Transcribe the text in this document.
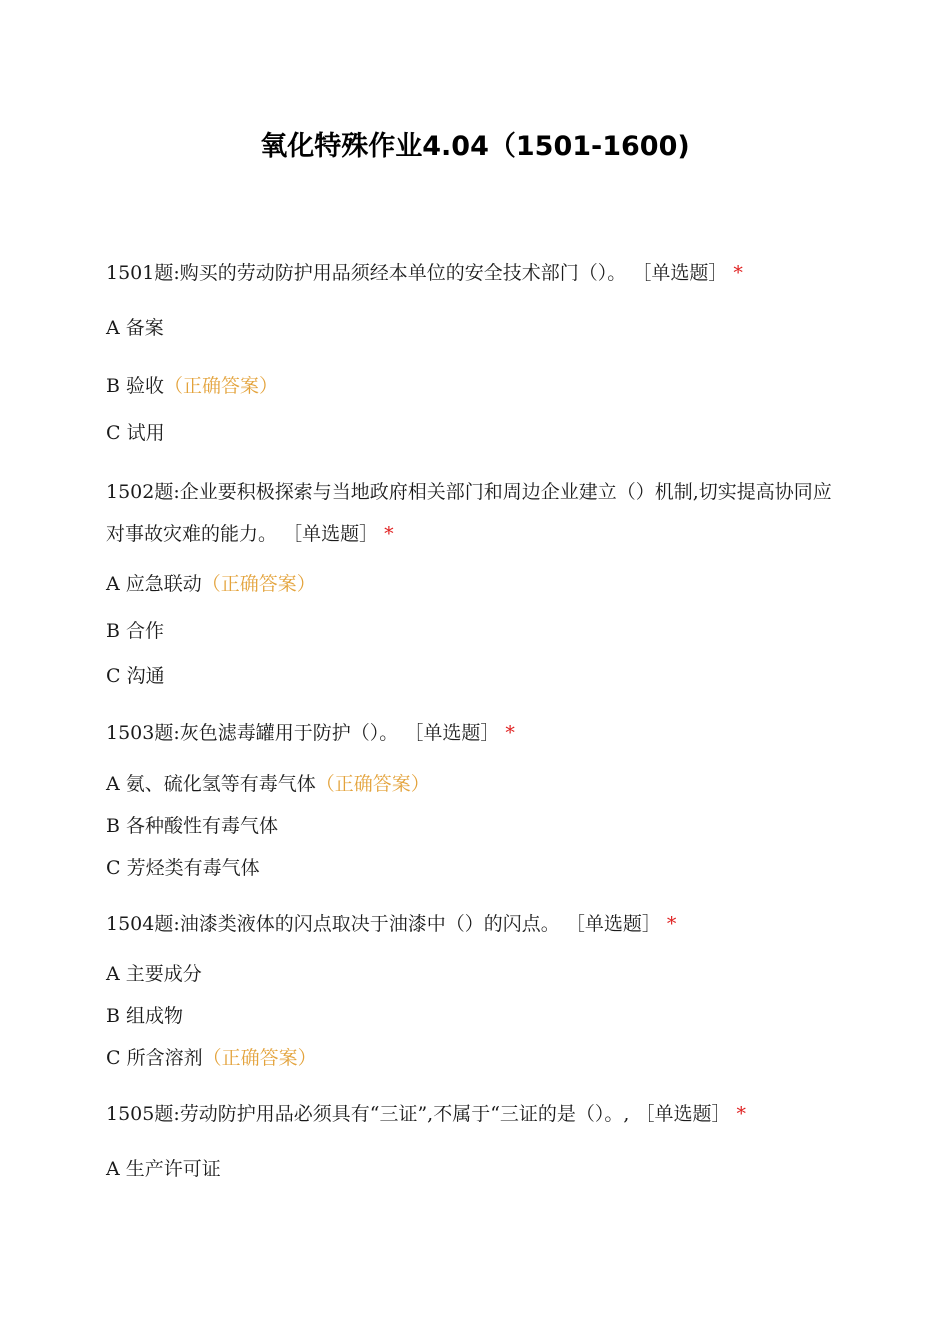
氧化特殊作业4.04（1501-1600)
1501题:购买的劳动防护用品须经本单位的安全技术部门（）。 ［单选题］ *
A 备案
B 验收（正确答案）
C 试用
1502题:企业要积极探索与当地政府相关部门和周边企业建立（）机制,切实提高协同应对事故灾难的能力。 ［单选题］ *
A 应急联动（正确答案）
B 合作
C 沟通
1503题:灰色滤毒罐用于防护（）。 ［单选题］ *
A 氨、硫化氢等有毒气体（正确答案）
B 各种酸性有毒气体
C 芳烃类有毒气体
1504题:油漆类液体的闪点取决于油漆中（）的闪点。 ［单选题］ *
A 主要成分
B 组成物
C 所含溶剂（正确答案）
1505题:劳动防护用品必须具有“三证”,不属于“三证的是（）。, ［单选题］ *
A 生产许可证
